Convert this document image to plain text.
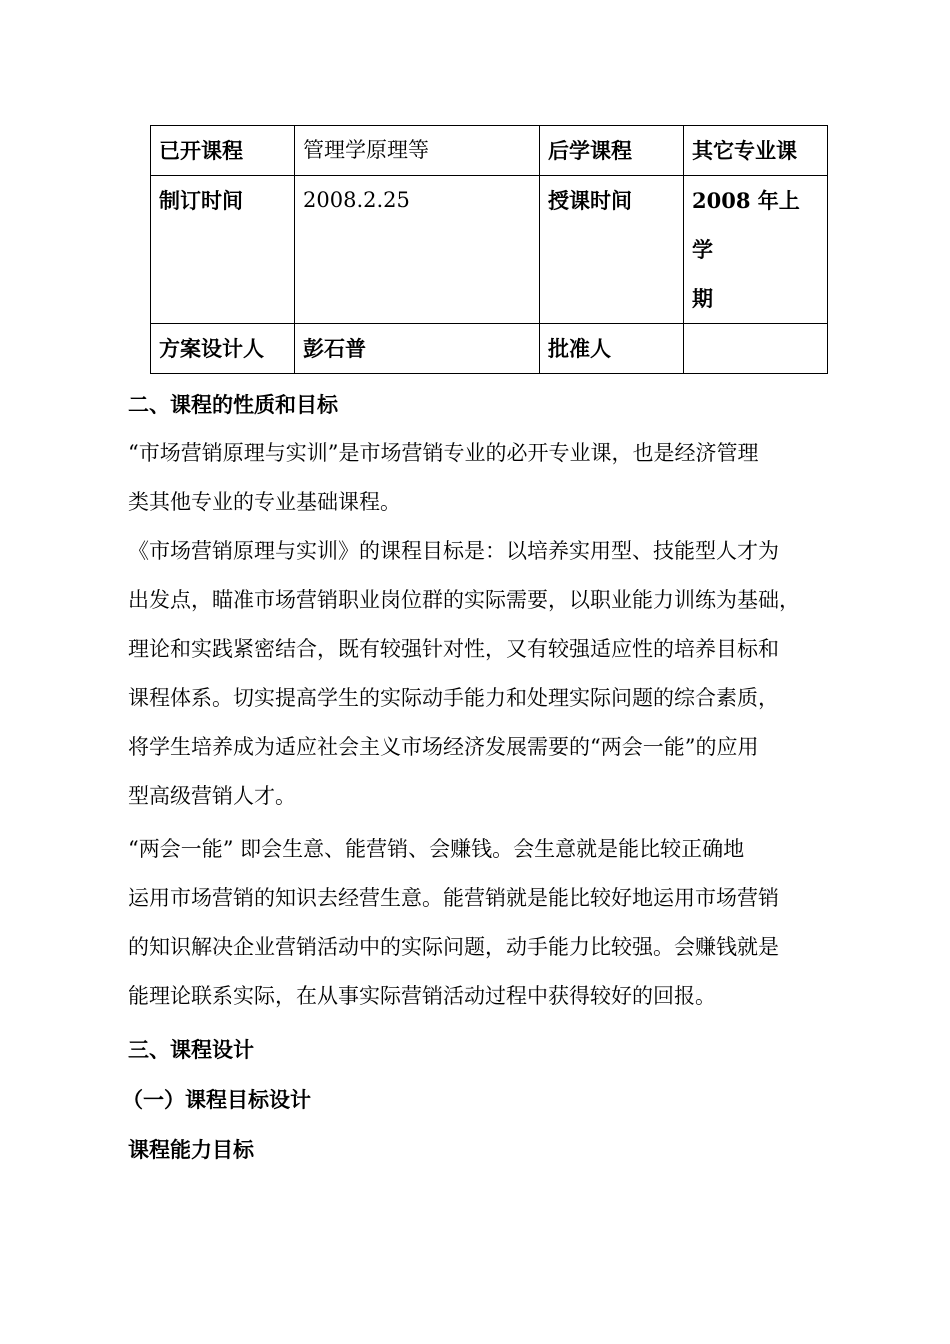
已开课程	管理学原理等	后学课程	其它专业课
制订时间	2008.2.25	授课时间	2008 年上学
期

方案设计人	彭石普	批准人	
二、课程的性质和目标
“市场营销原理与实训”是市场营销专业的必开专业课，也是经济管理
类其他专业的专业基础课程。
《市场营销原理与实训》的课程目标是：以培养实用型、技能型人才为
出发点，瞄准市场营销职业岗位群的实际需要，以职业能力训练为基础，
理论和实践紧密结合，既有较强针对性，又有较强适应性的培养目标和
课程体系。切实提高学生的实际动手能力和处理实际问题的综合素质，
将学生培养成为适应社会主义市场经济发展需要的“两会一能”的应用
型高级营销人才。
“两会一能” 即会生意、能营销、会赚钱。会生意就是能比较正确地
运用市场营销的知识去经营生意。能营销就是能比较好地运用市场营销
的知识解决企业营销活动中的实际问题，动手能力比较强。会赚钱就是
能理论联系实际，在从事实际营销活动过程中获得较好的回报。
三、课程设计
（一）课程目标设计
课程能力目标
